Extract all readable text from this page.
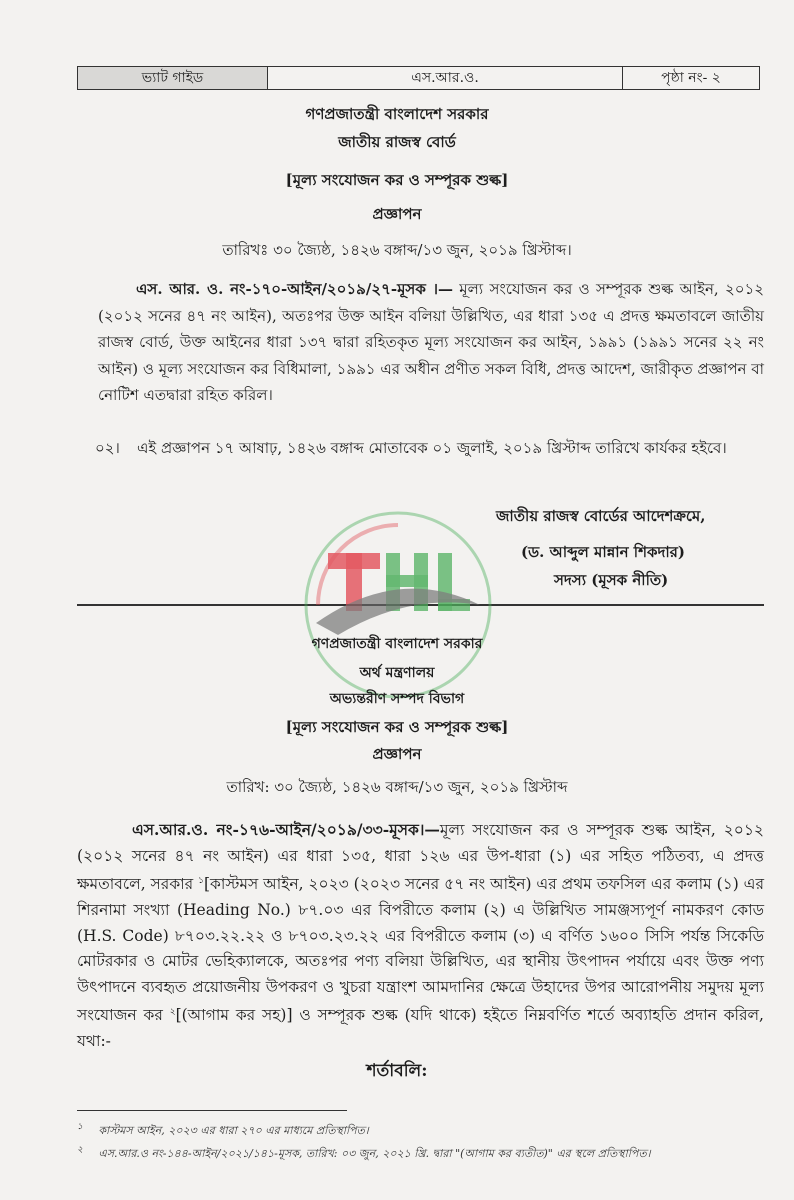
ভ্যাট গাইড	এস.আর.ও.	পৃষ্ঠা নং- ২
গণপ্রজাতন্ত্রী বাংলাদেশ সরকার
জাতীয় রাজস্ব বোর্ড
[মূল্য সংযোজন কর ও সম্পূরক শুল্ক]
প্রজ্ঞাপন
তারিখঃ ৩০ জ্যৈষ্ঠ, ১৪২৬ বঙ্গাব্দ/১৩ জুন, ২০১৯ খ্রিস্টাব্দ।
এস. আর. ও. নং-১৭০-আইন/২০১৯/২৭-মূসক ।— মূল্য সংযোজন কর ও সম্পূরক শুল্ক আইন, ২০১২ (২০১২ সনের ৪৭ নং আইন), অতঃপর উক্ত আইন বলিয়া উল্লিখিত, এর ধারা ১৩৫ এ প্রদত্ত ক্ষমতাবলে জাতীয় রাজস্ব বোর্ড, উক্ত আইনের ধারা ১৩৭ দ্বারা রহিতকৃত মূল্য সংযোজন কর আইন, ১৯৯১ (১৯৯১ সনের ২২ নং আইন) ও মূল্য সংযোজন কর বিধিমালা, ১৯৯১ এর অধীন প্রণীত সকল বিধি, প্রদত্ত আদেশ, জারীকৃত প্রজ্ঞাপন বা নোটিশ এতদ্বারা রহিত করিল।
০২। এই প্রজ্ঞাপন ১৭ আষাঢ়, ১৪২৬ বঙ্গাব্দ মোতাবেক ০১ জুলাই, ২০১৯ খ্রিস্টাব্দ তারিখে কার্যকর হইবে।
জাতীয় রাজস্ব বোর্ডের আদেশক্রমে,
(ড. আব্দুল মান্নান শিকদার)
সদস্য (মূসক নীতি)
গণপ্রজাতন্ত্রী বাংলাদেশ সরকার
অর্থ মন্ত্রণালয়
অভ্যন্তরীণ সম্পদ বিভাগ
[মূল্য সংযোজন কর ও সম্পূরক শুল্ক]
প্রজ্ঞাপন
তারিখ: ৩০ জ্যৈষ্ঠ, ১৪২৬ বঙ্গাব্দ/১৩ জুন, ২০১৯ খ্রিস্টাব্দ
এস.আর.ও. নং-১৭৬-আইন/২০১৯/৩৩-মূসক।—মূল্য সংযোজন কর ও সম্পূরক শুল্ক আইন, ২০১২ (২০১২ সনের ৪৭ নং আইন) এর ধারা ১৩৫, ধারা ১২৬ এর উপ-ধারা (১) এর সহিত পঠিতব্য, এ প্রদত্ত ক্ষমতাবলে, সরকার $^১$[কাস্টমস আইন, ২০২৩ (২০২৩ সনের ৫৭ নং আইন) এর প্রথম তফসিল এর কলাম (১) এর শিরনামা সংখ্যা (Heading No.) ৮৭.০৩ এর বিপরীতে কলাম (২) এ উল্লিখিত সামঞ্জস্যপূর্ণ নামকরণ কোড (H.S. Code) ৮৭০৩.২২.২২ ও ৮৭০৩.২৩.২২ এর বিপরীতে কলাম (৩) এ বর্ণিত ১৬০০ সিসি পর্যন্ত সিকেডি মোটরকার ও মোটর ভেহিক্যালকে, অতঃপর পণ্য বলিয়া উল্লিখিত, এর স্থানীয় উৎপাদন পর্যায়ে এবং উক্ত পণ্য উৎপাদনে ব্যবহৃত প্রয়োজনীয় উপকরণ ও খুচরা যন্ত্রাংশ আমদানির ক্ষেত্রে উহাদের উপর আরোপনীয় সমুদয় মূল্য সংযোজন কর $^২$[(আগাম কর সহ)] ও সম্পূরক শুল্ক (যদি থাকে) হইতে নিম্নবর্ণিত শর্তে অব্যাহতি প্রদান করিল, যথা:-
শর্তাবলি:
$^১$ কাস্টমস আইন, ২০২৩ এর ধারা ২৭০ এর মাধ্যমে প্রতিস্থাপিত।
$^২$ এস.আর.ও নং-১৪৪-আইন/২০২১/১৪১-মূসক, তারিখ: ০৩ জুন, ২০২১ খ্রি. দ্বারা "(আগাম কর ব্যতীত)" এর স্থলে প্রতিস্থাপিত।
